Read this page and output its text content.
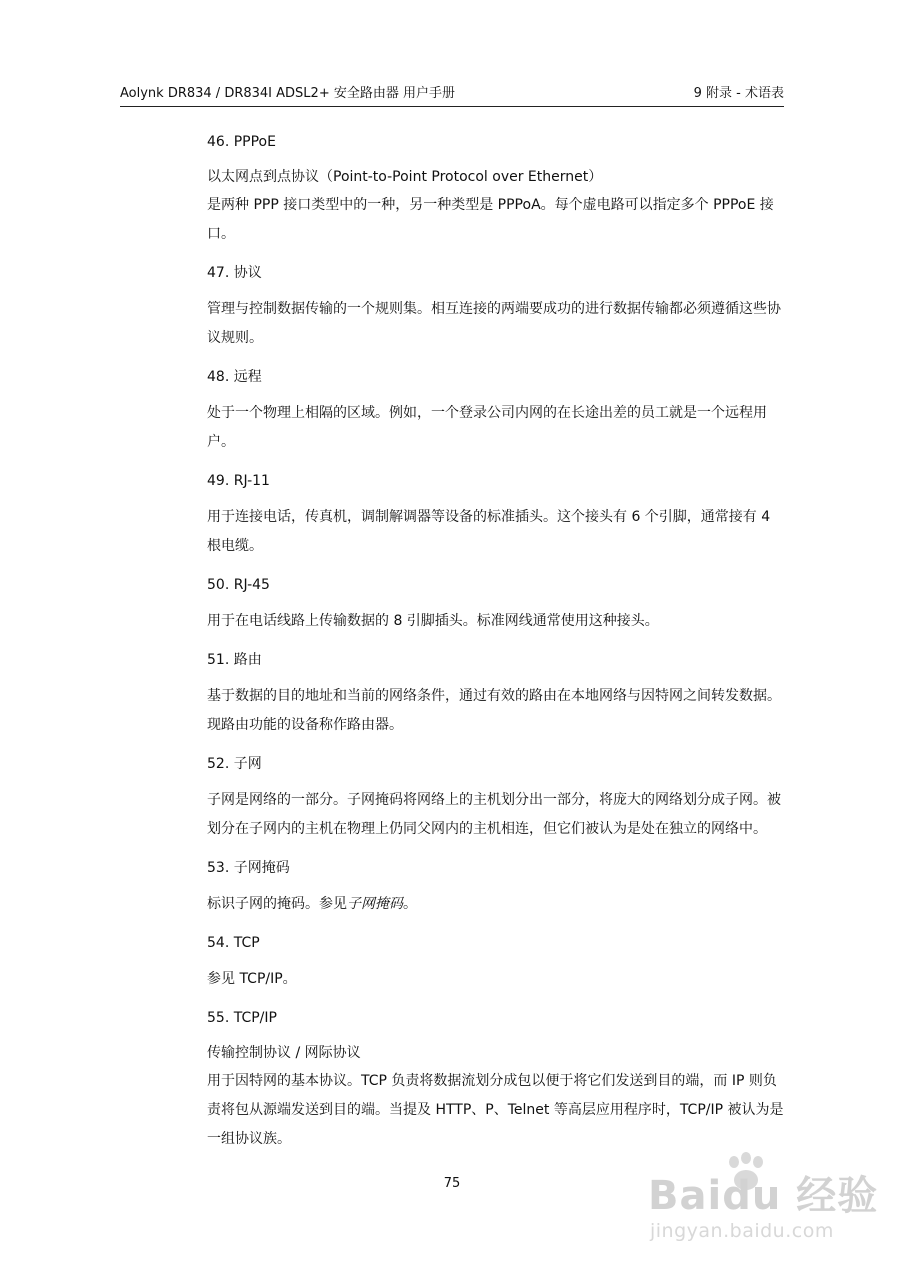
Aolynk DR834 / DR834I ADSL2+ 安全路由器 用户手册	9 附录 - 术语表
46. PPPoE
以太网点到点协议（Point-to-Point Protocol over Ethernet）
是两种 PPP 接口类型中的一种，另一种类型是 PPPoA。每个虚电路可以指定多个 PPPoE 接口。
47. 协议
管理与控制数据传输的一个规则集。相互连接的两端要成功的进行数据传输都必须遵循这些协议规则。
48. 远程
处于一个物理上相隔的区域。例如，一个登录公司内网的在长途出差的员工就是一个远程用户。
49. RJ-11
用于连接电话，传真机，调制解调器等设备的标准插头。这个接头有 6 个引脚，通常接有 4 根电缆。
50. RJ-45
用于在电话线路上传输数据的 8 引脚插头。标准网线通常使用这种接头。
51. 路由
基于数据的目的地址和当前的网络条件，通过有效的路由在本地网络与因特网之间转发数据。现路由功能的设备称作路由器。
52. 子网
子网是网络的一部分。子网掩码将网络上的主机划分出一部分，将庞大的网络划分成子网。被划分在子网内的主机在物理上仍同父网内的主机相连，但它们被认为是处在独立的网络中。
53. 子网掩码
标识子网的掩码。参见子网掩码。
54. TCP
参见 TCP/IP。
55. TCP/IP
传输控制协议 / 网际协议
用于因特网的基本协议。TCP 负责将数据流划分成包以便于将它们发送到目的端，而 IP 则负责将包从源端发送到目的端。当提及 HTTP、P、Telnet 等高层应用程序时，TCP/IP 被认为是一组协议族。
75	Baidu 经验
jingyan.baidu.com
